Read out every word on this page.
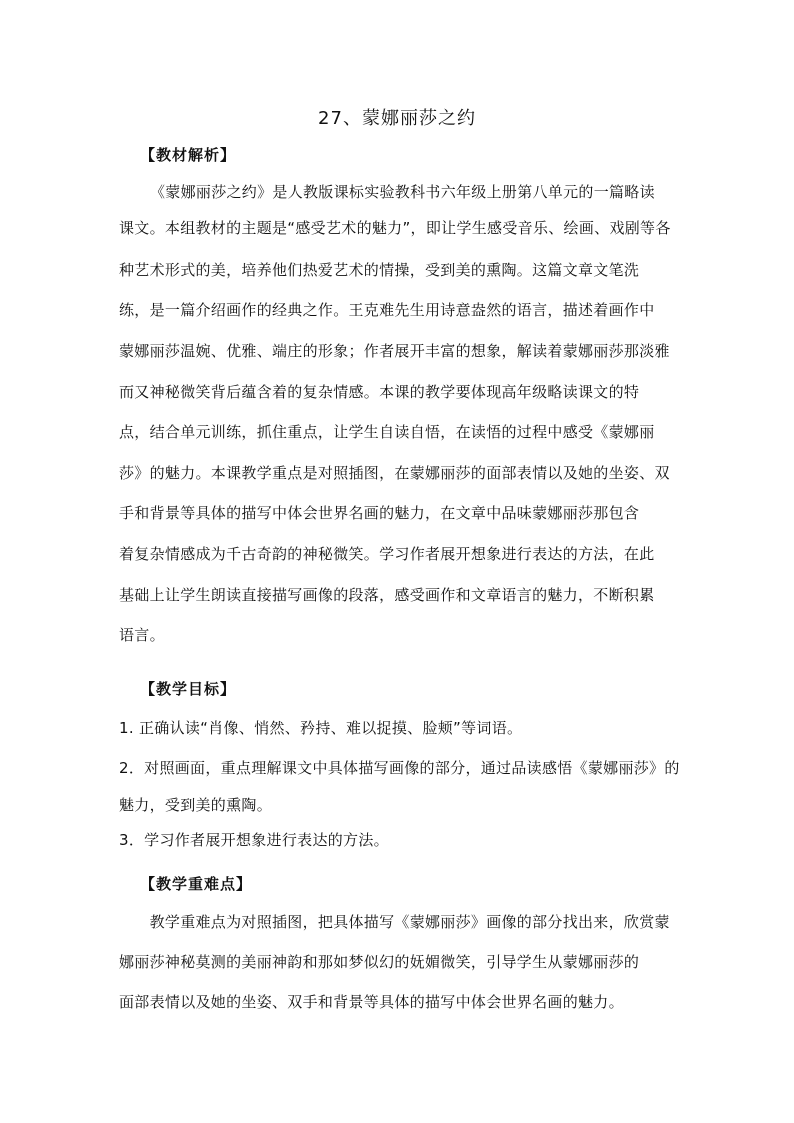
27、蒙娜丽莎之约
【教材解析】
《蒙娜丽莎之约》是人教版课标实验教科书六年级上册第八单元的一篇略读
课文。本组教材的主题是“感受艺术的魅力”，即让学生感受音乐、绘画、戏剧等各
种艺术形式的美，培养他们热爱艺术的情操，受到美的熏陶。这篇文章文笔洗
练，是一篇介绍画作的经典之作。王克难先生用诗意盎然的语言，描述着画作中
蒙娜丽莎温婉、优雅、端庄的形象；作者展开丰富的想象，解读着蒙娜丽莎那淡雅
而又神秘微笑背后蕴含着的复杂情感。本课的教学要体现高年级略读课文的特
点，结合单元训练，抓住重点，让学生自读自悟，在读悟的过程中感受《蒙娜丽
莎》的魅力。本课教学重点是对照插图，在蒙娜丽莎的面部表情以及她的坐姿、双
手和背景等具体的描写中体会世界名画的魅力，在文章中品味蒙娜丽莎那包含
着复杂情感成为千古奇韵的神秘微笑。学习作者展开想象进行表达的方法，在此
基础上让学生朗读直接描写画像的段落，感受画作和文章语言的魅力，不断积累
语言。
【教学目标】
1. 正确认读“肖像、悄然、矜持、难以捉摸、脸颊”等词语。
2．对照画面，重点理解课文中具体描写画像的部分，通过品读感悟《蒙娜丽莎》的
魅力，受到美的熏陶。
3．学习作者展开想象进行表达的方法。
【教学重难点】
　　教学重难点为对照插图，把具体描写《蒙娜丽莎》画像的部分找出来，欣赏蒙
娜丽莎神秘莫测的美丽神韵和那如梦似幻的妩媚微笑，引导学生从蒙娜丽莎的
面部表情以及她的坐姿、双手和背景等具体的描写中体会世界名画的魅力。
